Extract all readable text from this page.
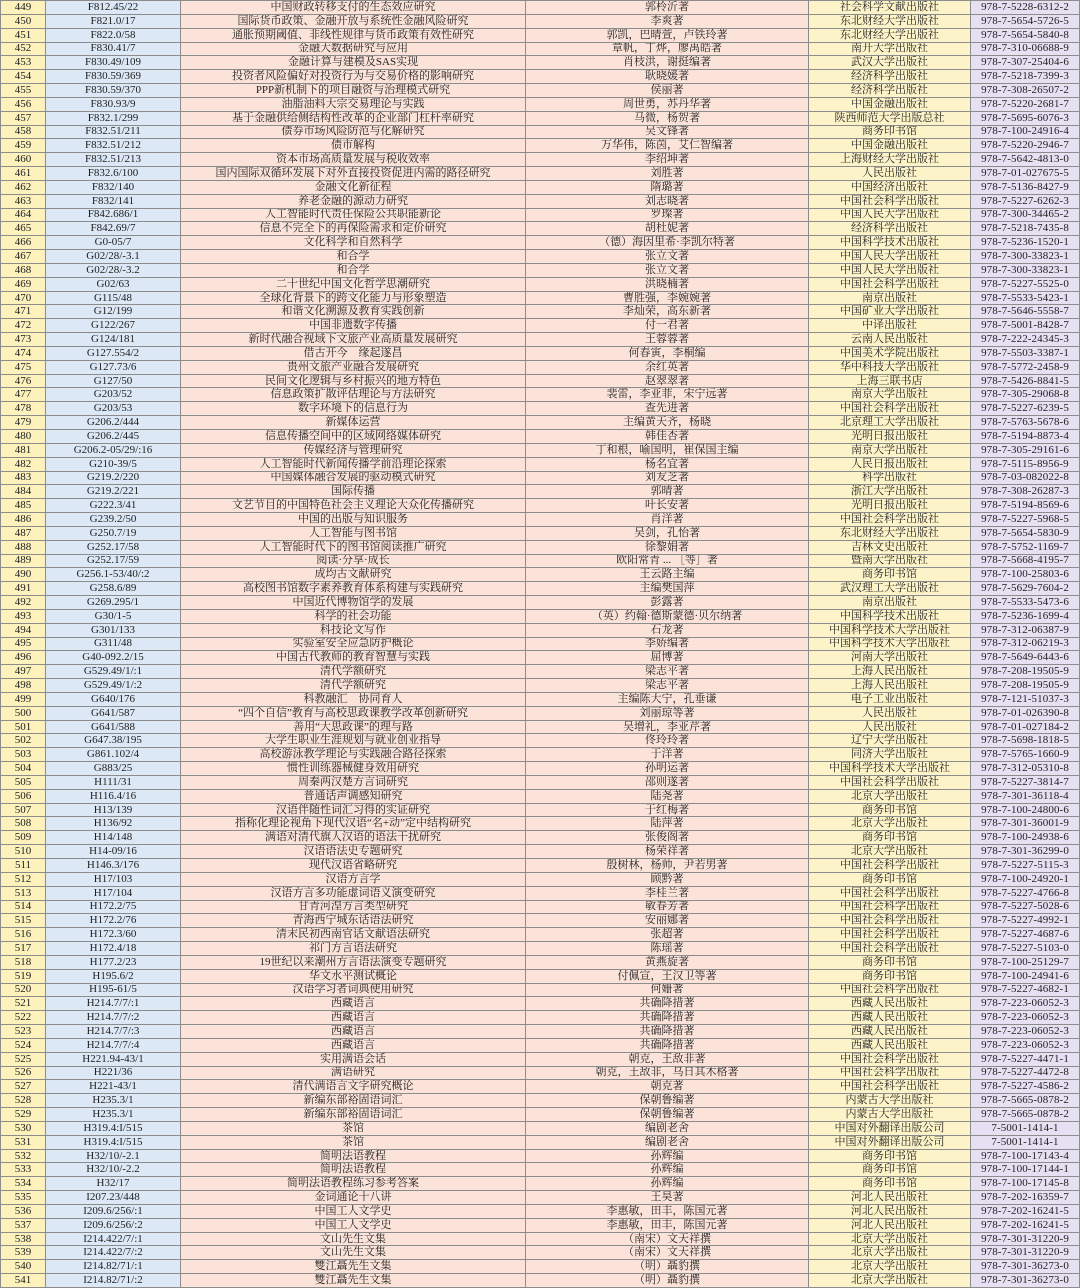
449	F812.45/22	中国财政转移支付的生态效应研究	郭柃沂著	社会科学文献出版社	978-7-5228-6312-2
450	F821.0/17	国际货币政策、金融开放与系统性金融风险研究	李爽著	东北财经大学出版社	978-7-5654-5726-5
451	F822.0/58	通胀预期阈值、非线性规律与货币政策有效性研究	郭凯，巴晴萱，卢铁玲著	东北财经大学出版社	978-7-5654-5840-8
452	F830.41/7	金融大数据研究与应用	章帆，丁烨，廖禹皓著	南开大学出版社	978-7-310-06688-9
453	F830.49/109	金融计算与建模及SAS实现	肖枝洪，谢挺编著	武汉大学出版社	978-7-307-25404-6
454	F830.59/369	投资者风险偏好对投资行为与交易价格的影响研究	耿晓媛著	经济科学出版社	978-7-5218-7399-3
455	F830.59/370	PPP新机制下的项目融资与治理模式研究	侯丽著	经济科学出版社	978-7-308-26507-2
456	F830.93/9	油脂油料大宗交易理论与实践	周世勇，苏丹华著	中国金融出版社	978-7-5220-2681-7
457	F832.1/299	基于金融供给侧结构性改革的企业部门杠杆率研究	马微，杨贺著	陕西师范大学出版总社	978-7-5695-6076-3
458	F832.51/211	债券市场风险防范与化解研究	吴文锋著	商务印书馆	978-7-100-24916-4
459	F832.51/212	债市解构	万华伟，陈茵，艾仁智编著	中国金融出版社	978-7-5220-2946-7
460	F832.51/213	资本市场高质量发展与税收效率	李绍坤著	上海财经大学出版社	978-7-5642-4813-0
461	F832.6/100	国内国际双循环发展下对外直接投资促进内需的路径研究	刘胜著	人民出版社	978-7-01-027675-5
462	F832/140	金融文化新征程	隋璐著	中国经济出版社	978-7-5136-8427-9
463	F832/141	养老金融的源动力研究	刘志晓著	中国社会科学出版社	978-7-5227-6262-3
464	F842.686/1	人工智能时代责任保险公共职能新论	罗璨著	中国人民大学出版社	978-7-300-34465-2
465	F842.69/7	信息不完全下的再保险需求和定价研究	胡杜妮著	经济科学出版社	978-7-5218-7435-8
466	G0-05/7	文化科学和自然科学	（德）海因里希·李凯尔特著	中国科学技术出版社	978-7-5236-1520-1
467	G02/28/-3.1	和合学	张立文著	中国人民大学出版社	978-7-300-33823-1
468	G02/28/-3.2	和合学	张立文著	中国人民大学出版社	978-7-300-33823-1
469	G02/63	二十世纪中国文化哲学思潮研究	洪晓楠著	中国社会科学出版社	978-7-5227-5525-0
470	G115/48	全球化背景下的跨文化能力与形象塑造	曹胜强，李婉婉著	南京出版社	978-7-5533-5423-1
471	G12/199	和谐文化溯源及教育实践创新	李灿荣，高东新著	中国矿业大学出版社	978-7-5646-5558-7
472	G122/267	中国非遗数字传播	付一君著	中译出版社	978-7-5001-8428-7
473	G124/181	新时代融合视域下文旅产业高质量发展研究	王蓉蓉著	云南人民出版社	978-7-222-24345-3
474	G127.554/2	借古开今　缘起遂昌	何春寅，李桐编	中国美术学院出版社	978-7-5503-3387-1
475	G127.73/6	贵州文旅产业融合发展研究	余红英著	华中科技大学出版社	978-7-5772-2458-9
476	G127/50	民间文化逻辑与乡村振兴的地方特色	赵翠翠著	上海三联书店	978-7-5426-8841-5
477	G203/52	信息政策扩散评估理论与方法研究	裴雷，李亚菲，宋宁远著	南京大学出版社	978-7-305-29068-8
478	G203/53	数字环境下的信息行为	查先进著	中国社会科学出版社	978-7-5227-6239-5
479	G206.2/444	新媒体运营	主编黄天齐，杨晓	北京理工大学出版社	978-7-5763-5678-6
480	G206.2/445	信息传播空间中的区域网络媒体研究	韩佳杏著	光明日报出版社	978-7-5194-8873-4
481	G206.2-05/29/:16	传媒经济与管理研究	丁和根，喻国明，崔保国主编	南京大学出版社	978-7-305-29161-6
482	G210-39/5	人工智能时代新闻传播学前沿理论探索	杨名宜著	人民日报出版社	978-7-5115-8956-9
483	G219.2/220	中国媒体融合发展的驱动模式研究	刘友芝著	科学出版社	978-7-03-082022-8
484	G219.2/221	国际传播	郭晴著	浙江大学出版社	978-7-308-26287-3
485	G222.3/41	文艺节目的中国特色社会主义理论大众化传播研究	叶长安著	光明日报出版社	978-7-5194-8569-6
486	G239.2/50	中国的出版与知识服务	肖洋著	中国社会科学出版社	978-7-5227-5968-5
487	G250.7/19	人工智能与图书馆	吴剑，孔怡著	东北财经大学出版社	978-7-5654-5830-9
488	G252.17/58	人工智能时代下的图书馆阅读推广研究	徐黎娟著	吉林文史出版社	978-7-5752-1169-7
489	G252.17/59	阅读·分享·成长	欧阳常青 ... ［等］著	暨南大学出版社	978-7-5668-4195-7
490	G256.1-53/40/:2	成均古文献研究	王云路主编	商务印书馆	978-7-100-25803-6
491	G258.6/89	高校图书馆数字素养教育体系构建与实践研究	主编樊国萍	武汉理工大学出版社	978-7-5629-7604-2
492	G269.295/1	中国近代博物馆学的发展	彭露著	南京出版社	978-7-5533-5473-6
493	G30/1-5	科学的社会功能	（英）约翰·德斯蒙德·贝尔纳著	中国科学技术出版社	978-7-5236-1699-4
494	G301/133	科技论文写作	石龙著	中国科学技术大学出版社	978-7-312-06387-9
495	G311/48	实验室安全应急防护概论	李娇编著	中国科学技术大学出版社	978-7-312-06219-3
496	G40-092.2/15	中国古代教师的教育智慧与实践	屈博著	河南大学出版社	978-7-5649-6443-6
497	G529.49/1/:1	清代学额研究	梁志平著	上海人民出版社	978-7-208-19505-9
498	G529.49/1/:2	清代学额研究	梁志平著	上海人民出版社	978-7-208-19505-9
499	G640/176	科教融汇　协同育人	主编陈大宁，孔垂谦	电子工业出版社	978-7-121-51037-3
500	G641/587	“四个自信”教育与高校思政课教学改革创新研究	刘丽琼等著	人民出版社	978-7-01-026390-8
501	G641/588	善用“大思政课”的理与路	吴增礼，李亚芹著	人民出版社	978-7-01-027184-2
502	G647.38/195	大学生职业生涯规划与就业创业指导	佟玲玲著	辽宁大学出版社	978-7-5698-1818-5
503	G861.102/4	高校游泳教学理论与实践融合路径探索	于洋著	同济大学出版社	978-7-5765-1660-9
504	G883/25	惯性训练器械健身效用研究	孙明运著	中国科学技术大学出版社	978-7-312-05310-8
505	H111/31	周秦两汉楚方言词研究	邵则遂著	中国社会科学出版社	978-7-5227-3814-7
506	H116.4/16	普通话声调感知研究	陆尧著	北京大学出版社	978-7-301-36118-4
507	H13/139	汉语伴随性词汇习得的实证研究	于红梅著	商务印书馆	978-7-100-24800-6
508	H136/92	指称化理论视角下现代汉语“名+动”定中结构研究	陆萍著	北京大学出版社	978-7-301-36001-9
509	H14/148	满语对清代旗人汉语的语法干扰研究	张俊阁著	商务印书馆	978-7-100-24938-6
510	H14-09/16	汉语语法史专题研究	杨荣祥著	北京大学出版社	978-7-301-36299-0
511	H146.3/176	现代汉语省略研究	殷树林，杨帅，尹若男著	中国社会科学出版社	978-7-5227-5115-3
512	H17/103	汉语方言学	顾黔著	商务印书馆	978-7-100-24920-1
513	H17/104	汉语方言多功能虚词语义演变研究	李桂兰著	中国社会科学出版社	978-7-5227-4766-8
514	H172.2/75	甘青河湟方言类型研究	敏春芳著	中国社会科学出版社	978-7-5227-5028-6
515	H172.2/76	青海西宁城东话语法研究	安丽娜著	中国社会科学出版社	978-7-5227-4992-1
516	H172.3/60	清末民初西南官话文献语法研究	张超著	中国社会科学出版社	978-7-5227-4687-6
517	H172.4/18	祁门方言语法研究	陈瑶著	中国社会科学出版社	978-7-5227-5103-0
518	H177.2/23	19世纪以来潮州方言语法演变专题研究	黄燕旋著	商务印书馆	978-7-100-25129-7
519	H195.6/2	华文水平测试概论	付佩宣，王汉卫等著	商务印书馆	978-7-100-24941-6
520	H195-61/5	汉语学习者词典使用研究	何姗著	中国社会科学出版社	978-7-5227-4682-1
521	H214.7/7/:1	西藏语言	共确降措著	西藏人民出版社	978-7-223-06052-3
522	H214.7/7/:2	西藏语言	共确降措著	西藏人民出版社	978-7-223-06052-3
523	H214.7/7/:3	西藏语言	共确降措著	西藏人民出版社	978-7-223-06052-3
524	H214.7/7/:4	西藏语言	共确降措著	西藏人民出版社	978-7-223-06052-3
525	H221.94-43/1	实用满语会话	朝克，王敌非著	中国社会科学出版社	978-7-5227-4471-1
526	H221/36	满语研究	朝克，王敌非，乌日其木格著	中国社会科学出版社	978-7-5227-4472-8
527	H221-43/1	清代满语言文字研究概论	朝克著	中国社会科学出版社	978-7-5227-4586-2
528	H235.3/1	新编东部裕固语词汇	保朝鲁编著	内蒙古大学出版社	978-7-5665-0878-2
529	H235.3/1	新编东部裕固语词汇	保朝鲁编著	内蒙古大学出版社	978-7-5665-0878-2
530	H319.4:I/515	茶馆	编剧老舍	中国对外翻译出版公司	7-5001-1414-1
531	H319.4:I/515	茶馆	编剧老舍	中国对外翻译出版公司	7-5001-1414-1
532	H32/10/-2.1	简明法语教程	孙辉编	商务印书馆	978-7-100-17143-4
533	H32/10/-2.2	简明法语教程	孙辉编	商务印书馆	978-7-100-17144-1
534	H32/17	简明法语教程练习参考答案	孙辉编	商务印书馆	978-7-100-17145-8
535	I207.23/448	金词通论十八讲	王昊著	河北人民出版社	978-7-202-16359-7
536	I209.6/256/:1	中国工人文学史	李惠敏，田丰，陈国元著	河北人民出版社	978-7-202-16241-5
537	I209.6/256/:2	中国工人文学史	李惠敏，田丰，陈国元著	河北人民出版社	978-7-202-16241-5
538	I214.422/7/:1	文山先生文集	（南宋）文天祥撰	北京大学出版社	978-7-301-31220-9
539	I214.422/7/:2	文山先生文集	（南宋）文天祥撰	北京大学出版社	978-7-301-31220-9
540	I214.82/71/:1	雙江聶先生文集	（明）聶豹撰	北京大学出版社	978-7-301-36273-0
541	I214.82/71/:2	雙江聶先生文集	（明）聶豹撰	北京大学出版社	978-7-301-36273-0
